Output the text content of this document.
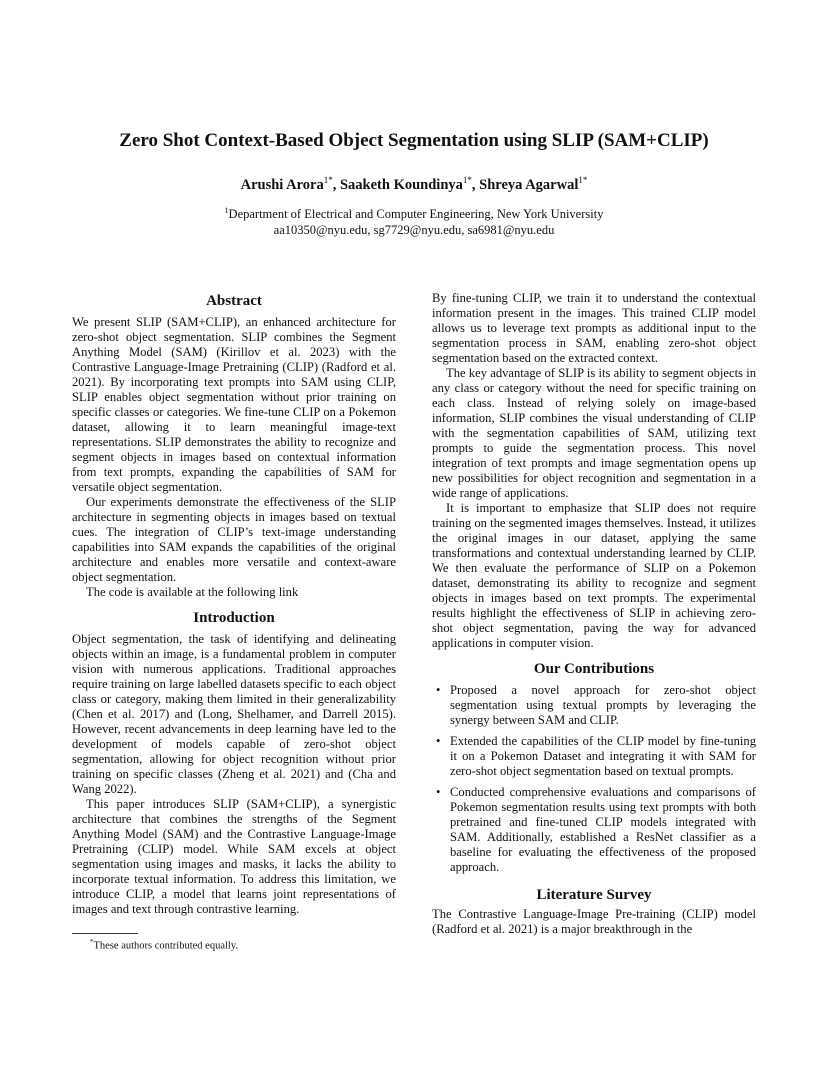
Zero Shot Context-Based Object Segmentation using SLIP (SAM+CLIP)
Arushi Arora$^{1*}$, Saaketh Koundinya$^{1*}$, Shreya Agarwal$^{1*}$
$^1$Department of Electrical and Computer Engineering, New York University
aa10350@nyu.edu, sg7729@nyu.edu, sa6981@nyu.edu
Abstract

We present SLIP (SAM+CLIP), an enhanced architecture for zero-shot object segmentation. SLIP combines the Segment Anything Model (SAM) (Kirillov et al. 2023) with the Contrastive Language-Image Pretraining (CLIP) (Radford et al. 2021). By incorporating text prompts into SAM using CLIP, SLIP enables object segmentation without prior training on specific classes or categories. We fine-tune CLIP on a Pokemon dataset, allowing it to learn meaningful image-text representations. SLIP demonstrates the ability to recognize and segment objects in images based on contextual information from text prompts, expanding the capabilities of SAM for versatile object segmentation.

Our experiments demonstrate the effectiveness of the SLIP architecture in segmenting objects in images based on textual cues. The integration of CLIP’s text-image understanding capabilities into SAM expands the capabilities of the original architecture and enables more versatile and context-aware object segmentation.

The code is available at the following link

Introduction

Object segmentation, the task of identifying and delineating objects within an image, is a fundamental problem in computer vision with numerous applications. Traditional approaches require training on large labelled datasets specific to each object class or category, making them limited in their generalizability (Chen et al. 2017) and (Long, Shelhamer, and Darrell 2015). However, recent advancements in deep learning have led to the development of models capable of zero-shot object segmentation, allowing for object recognition without prior training on specific classes (Zheng et al. 2021) and (Cha and Wang 2022).

This paper introduces SLIP (SAM+CLIP), a synergistic architecture that combines the strengths of the Segment Anything Model (SAM) and the Contrastive Language-Image Pretraining (CLIP) model. While SAM excels at object segmentation using images and masks, it lacks the ability to incorporate textual information. To address this limitation, we introduce CLIP, a model that learns joint representations of images and text through contrastive learning.

By fine-tuning CLIP, we train it to understand the contextual information present in the images. This trained CLIP model allows us to leverage text prompts as additional input to the segmentation process in SAM, enabling zero-shot object segmentation based on the extracted context.

The key advantage of SLIP is its ability to segment objects in any class or category without the need for specific training on each class. Instead of relying solely on image-based information, SLIP combines the visual understanding of CLIP with the segmentation capabilities of SAM, utilizing text prompts to guide the segmentation process. This novel integration of text prompts and image segmentation opens up new possibilities for object recognition and segmentation in a wide range of applications.

It is important to emphasize that SLIP does not require training on the segmented images themselves. Instead, it utilizes the original images in our dataset, applying the same transformations and contextual understanding learned by CLIP. We then evaluate the performance of SLIP on a Pokemon dataset, demonstrating its ability to recognize and segment objects in images based on text prompts. The experimental results highlight the effectiveness of SLIP in achieving zero-shot object segmentation, paving the way for advanced applications in computer vision.

Our Contributions
• Proposed a novel approach for zero-shot object segmentation using textual prompts by leveraging the synergy between SAM and CLIP.
• Extended the capabilities of the CLIP model by fine-tuning it on a Pokemon Dataset and integrating it with SAM for zero-shot object segmentation based on textual prompts.
• Conducted comprehensive evaluations and comparisons of Pokemon segmentation results using text prompts with both pretrained and fine-tuned CLIP models integrated with SAM. Additionally, established a ResNet classifier as a baseline for evaluating the effectiveness of the proposed approach.
Literature Survey

The Contrastive Language-Image Pre-training (CLIP) model (Radford et al. 2021) is a major breakthrough in the

*These authors contributed equally.
